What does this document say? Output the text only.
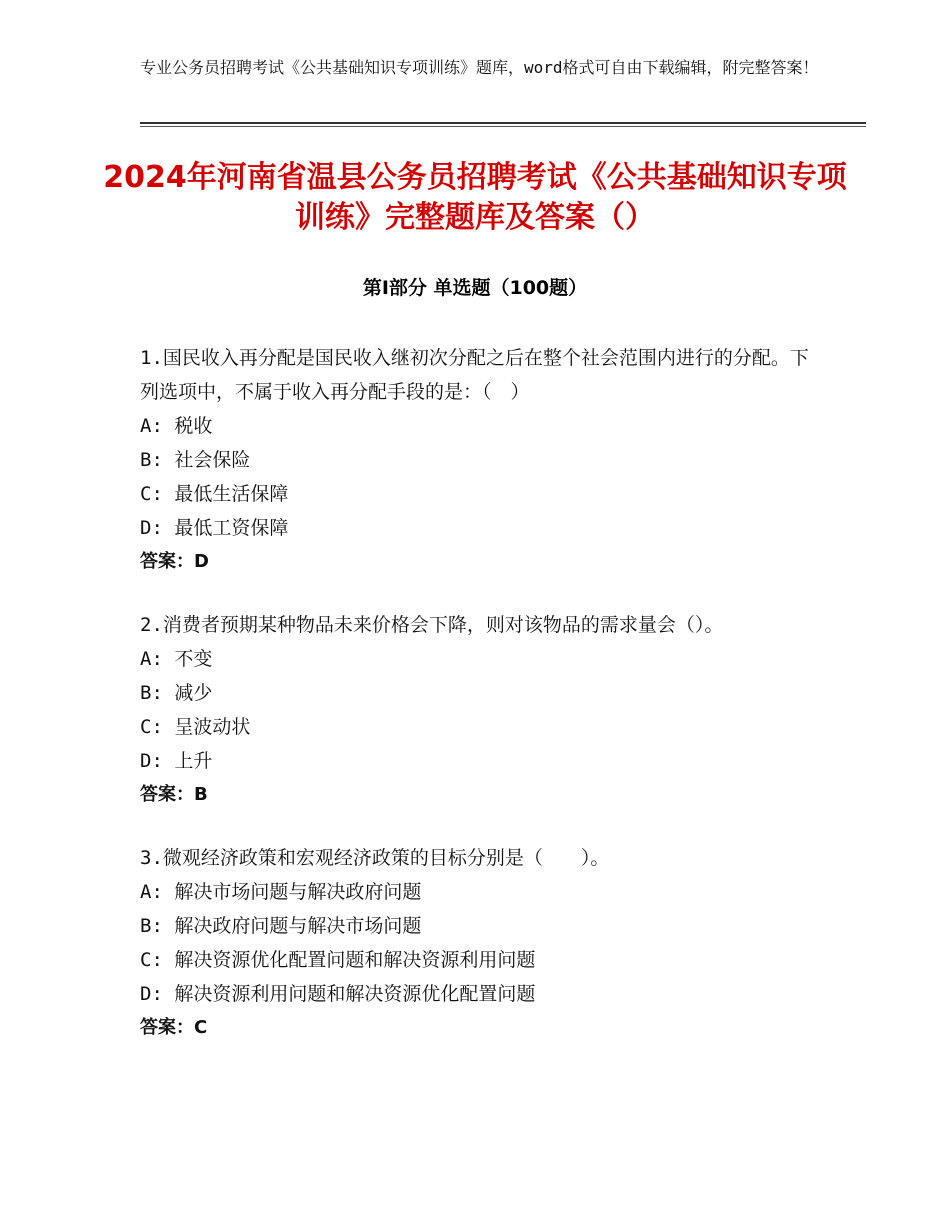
专业公务员招聘考试《公共基础知识专项训练》题库，word格式可自由下载编辑，附完整答案！
2024年河南省温县公务员招聘考试《公共基础知识专项训练》完整题库及答案（）
第Ⅰ部分 单选题（100题）
1.国民收入再分配是国民收入继初次分配之后在整个社会范围内进行的分配。下列选项中，不属于收入再分配手段的是：（　）
A: 税收
B: 社会保险
C: 最低生活保障
D: 最低工资保障
答案：D
2.消费者预期某种物品未来价格会下降，则对该物品的需求量会（）。
A: 不变
B: 减少
C: 呈波动状
D: 上升
答案：B
3.微观经济政策和宏观经济政策的目标分别是（　　）。
A: 解决市场问题与解决政府问题
B: 解决政府问题与解决市场问题
C: 解决资源优化配置问题和解决资源利用问题
D: 解决资源利用问题和解决资源优化配置问题
答案：C
